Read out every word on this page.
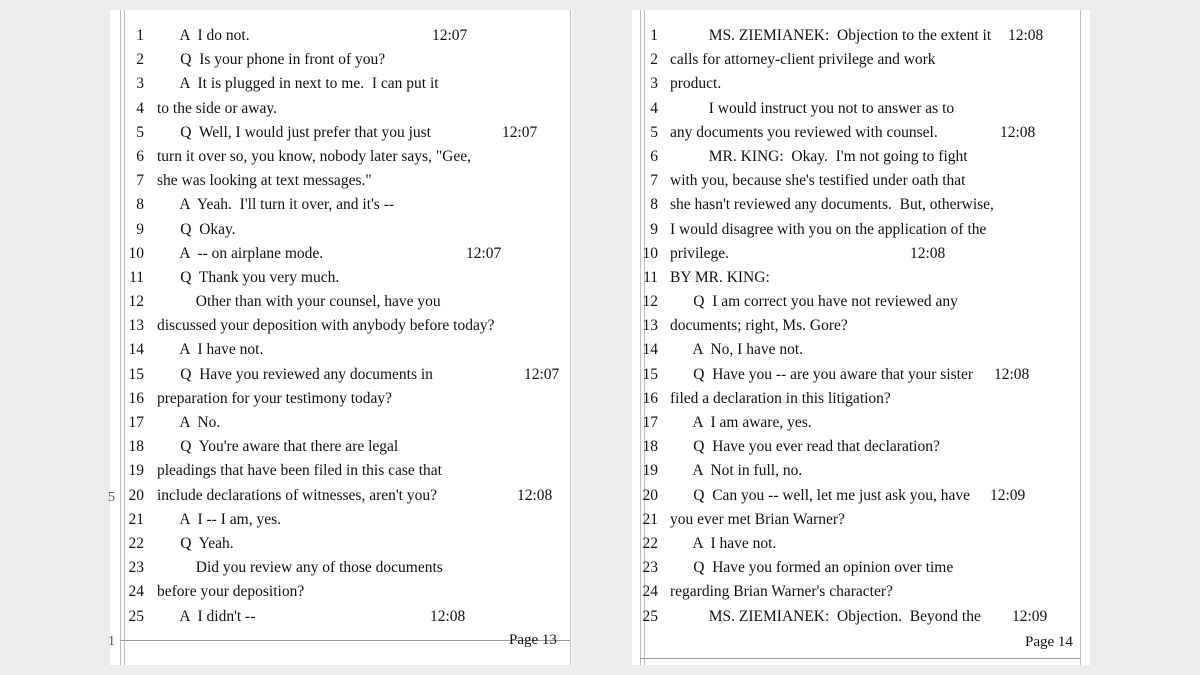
1 A  I do not.	12:07
2 Q  Is your phone in front of you?
3 A  It is plugged in next to me.  I can put it
4 to the side or away.
5 Q  Well, I would just prefer that you just	12:07
6 turn it over so, you know, nobody later says, "Gee,
7 she was looking at text messages."
8 A  Yeah.  I'll turn it over, and it's --
9 Q  Okay.
10 A  -- on airplane mode.	12:07
11 Q  Thank you very much.
12 Other than with your counsel, have you
13 discussed your deposition with anybody before today?
14 A  I have not.
15 Q  Have you reviewed any documents in	12:07
16 preparation for your testimony today?
17 A  No.
18 Q  You're aware that there are legal
19 pleadings that have been filed in this case that
20 include declarations of witnesses, aren't you?	12:08
21 A  I -- I am, yes.
22 Q  Yeah.
23 Did you review any of those documents
24 before your deposition?
25 A  I didn't --	12:08
Page 13
1 MS. ZIEMIANEK:  Objection to the extent it 12:08
2 calls for attorney-client privilege and work
3 product.
4 I would instruct you not to answer as to
5 any documents you reviewed with counsel.	12:08
6 MR. KING:  Okay.  I'm not going to fight
7 with you, because she's testified under oath that
8 she hasn't reviewed any documents.  But, otherwise,
9 I would disagree with you on the application of the
10 privilege.	12:08
11 BY MR. KING:
12 Q  I am correct you have not reviewed any
13 documents; right, Ms. Gore?
14 A  No, I have not.
15 Q  Have you -- are you aware that your sister 12:08
16 filed a declaration in this litigation?
17 A  I am aware, yes.
18 Q  Have you ever read that declaration?
19 A  Not in full, no.
20 Q  Can you -- well, let me just ask you, have 12:09
21 you ever met Brian Warner?
22 A  I have not.
23 Q  Have you formed an opinion over time
24 regarding Brian Warner's character?
25 MS. ZIEMIANEK:  Objection.  Beyond the 12:09
Page 14
5
1
